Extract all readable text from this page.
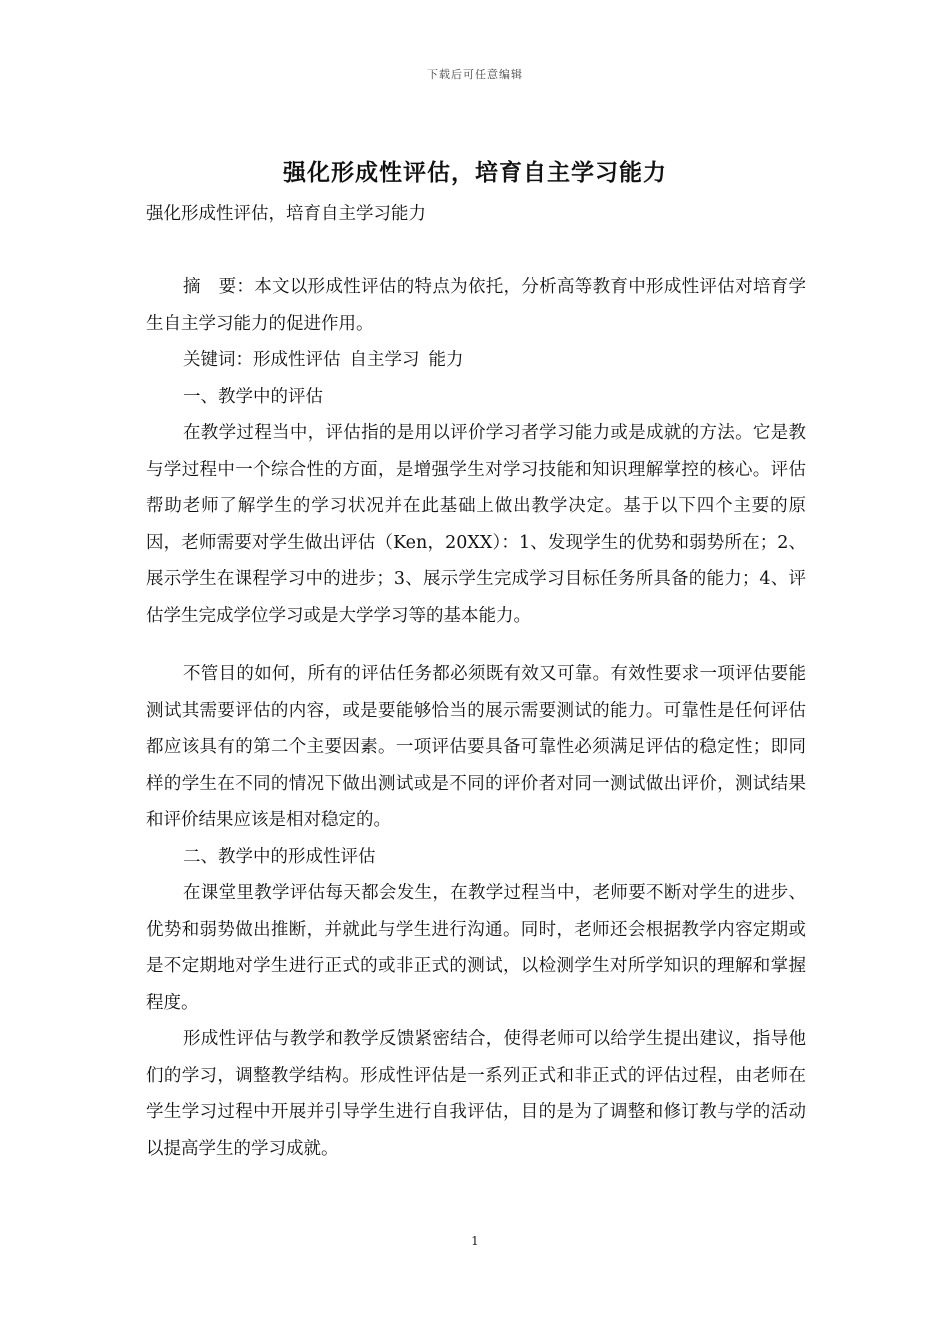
下载后可任意编辑
强化形成性评估，培育自主学习能力

强化形成性评估，培育自主学习能力

摘　要：本文以形成性评估的特点为依托，分析高等教育中形成性评估对培育学生自主学习能力的促进作用。

关键词：形成性评估 自主学习 能力

一、教学中的评估

在教学过程当中，评估指的是用以评价学习者学习能力或是成就的方法。它是教与学过程中一个综合性的方面，是增强学生对学习技能和知识理解掌控的核心。评估帮助老师了解学生的学习状况并在此基础上做出教学决定。基于以下四个主要的原因，老师需要对学生做出评估（Ken，20XX）：1、发现学生的优势和弱势所在；2、展示学生在课程学习中的进步；3、展示学生完成学习目标任务所具备的能力；4、评估学生完成学位学习或是大学学习等的基本能力。

不管目的如何，所有的评估任务都必须既有效又可靠。有效性要求一项评估要能测试其需要评估的内容，或是要能够恰当的展示需要测试的能力。可靠性是任何评估都应该具有的第二个主要因素。一项评估要具备可靠性必须满足评估的稳定性；即同样的学生在不同的情况下做出测试或是不同的评价者对同一测试做出评价，测试结果和评价结果应该是相对稳定的。

二、教学中的形成性评估

在课堂里教学评估每天都会发生，在教学过程当中，老师要不断对学生的进步、优势和弱势做出推断，并就此与学生进行沟通。同时，老师还会根据教学内容定期或是不定期地对学生进行正式的或非正式的测试，以检测学生对所学知识的理解和掌握程度。

形成性评估与教学和教学反馈紧密结合，使得老师可以给学生提出建议，指导他们的学习，调整教学结构。形成性评估是一系列正式和非正式的评估过程，由老师在学生学习过程中开展并引导学生进行自我评估，目的是为了调整和修订教与学的活动以提高学生的学习成就。

1
